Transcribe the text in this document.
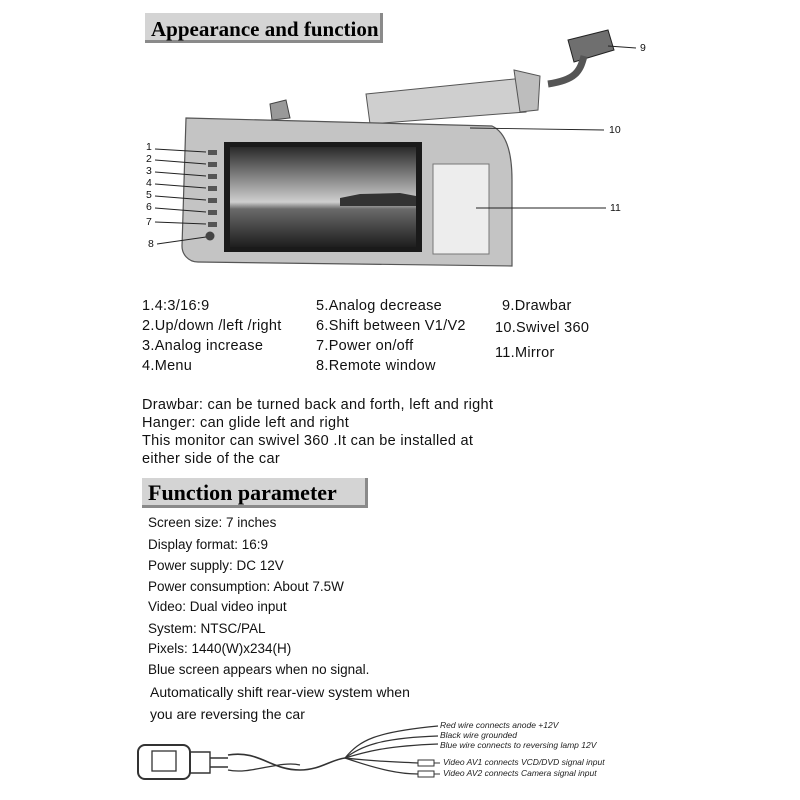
Appearance and function
1
2
3
4
5
6
7
8
9
10
11
1.4:3/16:9
2.Up/down /left /right
3.Analog increase
4.Menu
5.Analog decrease
6.Shift between V1/V2
7.Power on/off
8.Remote window
9.Drawbar
10.Swivel 360
11.Mirror
Drawbar: can be turned back and forth, left and right
Hanger: can glide left and right
This monitor can swivel 360 .It can be installed at
either side of the car
Function parameter
Screen size: 7 inches
Display format: 16:9
Power supply: DC 12V
Power consumption: About 7.5W
Video: Dual video input
System: NTSC/PAL
Pixels: 1440(W)x234(H)
Blue screen appears when no signal.
Automatically shift rear-view system when
you are reversing the car
Red wire connects anode +12V
Black wire grounded
Blue wire connects to reversing lamp 12V
Video AV1 connects VCD/DVD signal input
Video AV2 connects Camera signal input
